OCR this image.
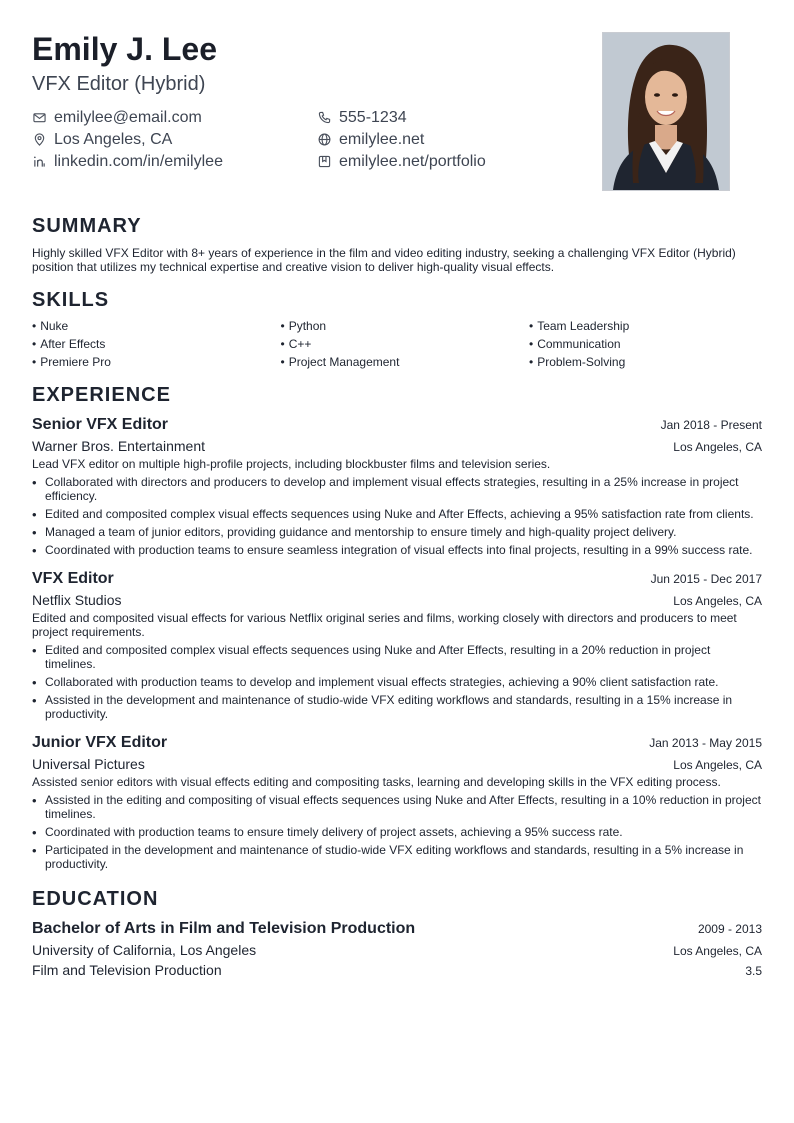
Emily J. Lee
VFX Editor (Hybrid)
emilylee@email.com	555-1234
Los Angeles, CA	emilylee.net
linkedin.com/in/emilylee	emilylee.net/portfolio
SUMMARY

Highly skilled VFX Editor with 8+ years of experience in the film and video editing industry, seeking a challenging VFX Editor (Hybrid) position that utilizes my technical expertise and creative vision to deliver high-quality visual effects.

SKILLS
• Nuke	• Python	• Team Leadership
• After Effects	• C++	• Communication
• Premiere Pro	• Project Management	• Problem-Solving
EXPERIENCE
Senior VFX Editor	Jan 2018 - Present
Warner Bros. Entertainment	Los Angeles, CA
Lead VFX editor on multiple high-profile projects, including blockbuster films and television series.
• Collaborated with directors and producers to develop and implement visual effects strategies, resulting in a 25% increase in project efficiency.
• Edited and composited complex visual effects sequences using Nuke and After Effects, achieving a 95% satisfaction rate from clients.
• Managed a team of junior editors, providing guidance and mentorship to ensure timely and high-quality project delivery.
• Coordinated with production teams to ensure seamless integration of visual effects into final projects, resulting in a 99% success rate.
VFX Editor	Jun 2015 - Dec 2017
Netflix Studios	Los Angeles, CA
Edited and composited visual effects for various Netflix original series and films, working closely with directors and producers to meet project requirements.
• Edited and composited complex visual effects sequences using Nuke and After Effects, resulting in a 20% reduction in project timelines.
• Collaborated with production teams to develop and implement visual effects strategies, achieving a 90% client satisfaction rate.
• Assisted in the development and maintenance of studio-wide VFX editing workflows and standards, resulting in a 15% increase in productivity.
Junior VFX Editor	Jan 2013 - May 2015
Universal Pictures	Los Angeles, CA
Assisted senior editors with visual effects editing and compositing tasks, learning and developing skills in the VFX editing process.
• Assisted in the editing and compositing of visual effects sequences using Nuke and After Effects, resulting in a 10% reduction in project timelines.
• Coordinated with production teams to ensure timely delivery of project assets, achieving a 95% success rate.
• Participated in the development and maintenance of studio-wide VFX editing workflows and standards, resulting in a 5% increase in productivity.
EDUCATION
Bachelor of Arts in Film and Television Production	2009 - 2013
University of California, Los Angeles	Los Angeles, CA
Film and Television Production	3.5
